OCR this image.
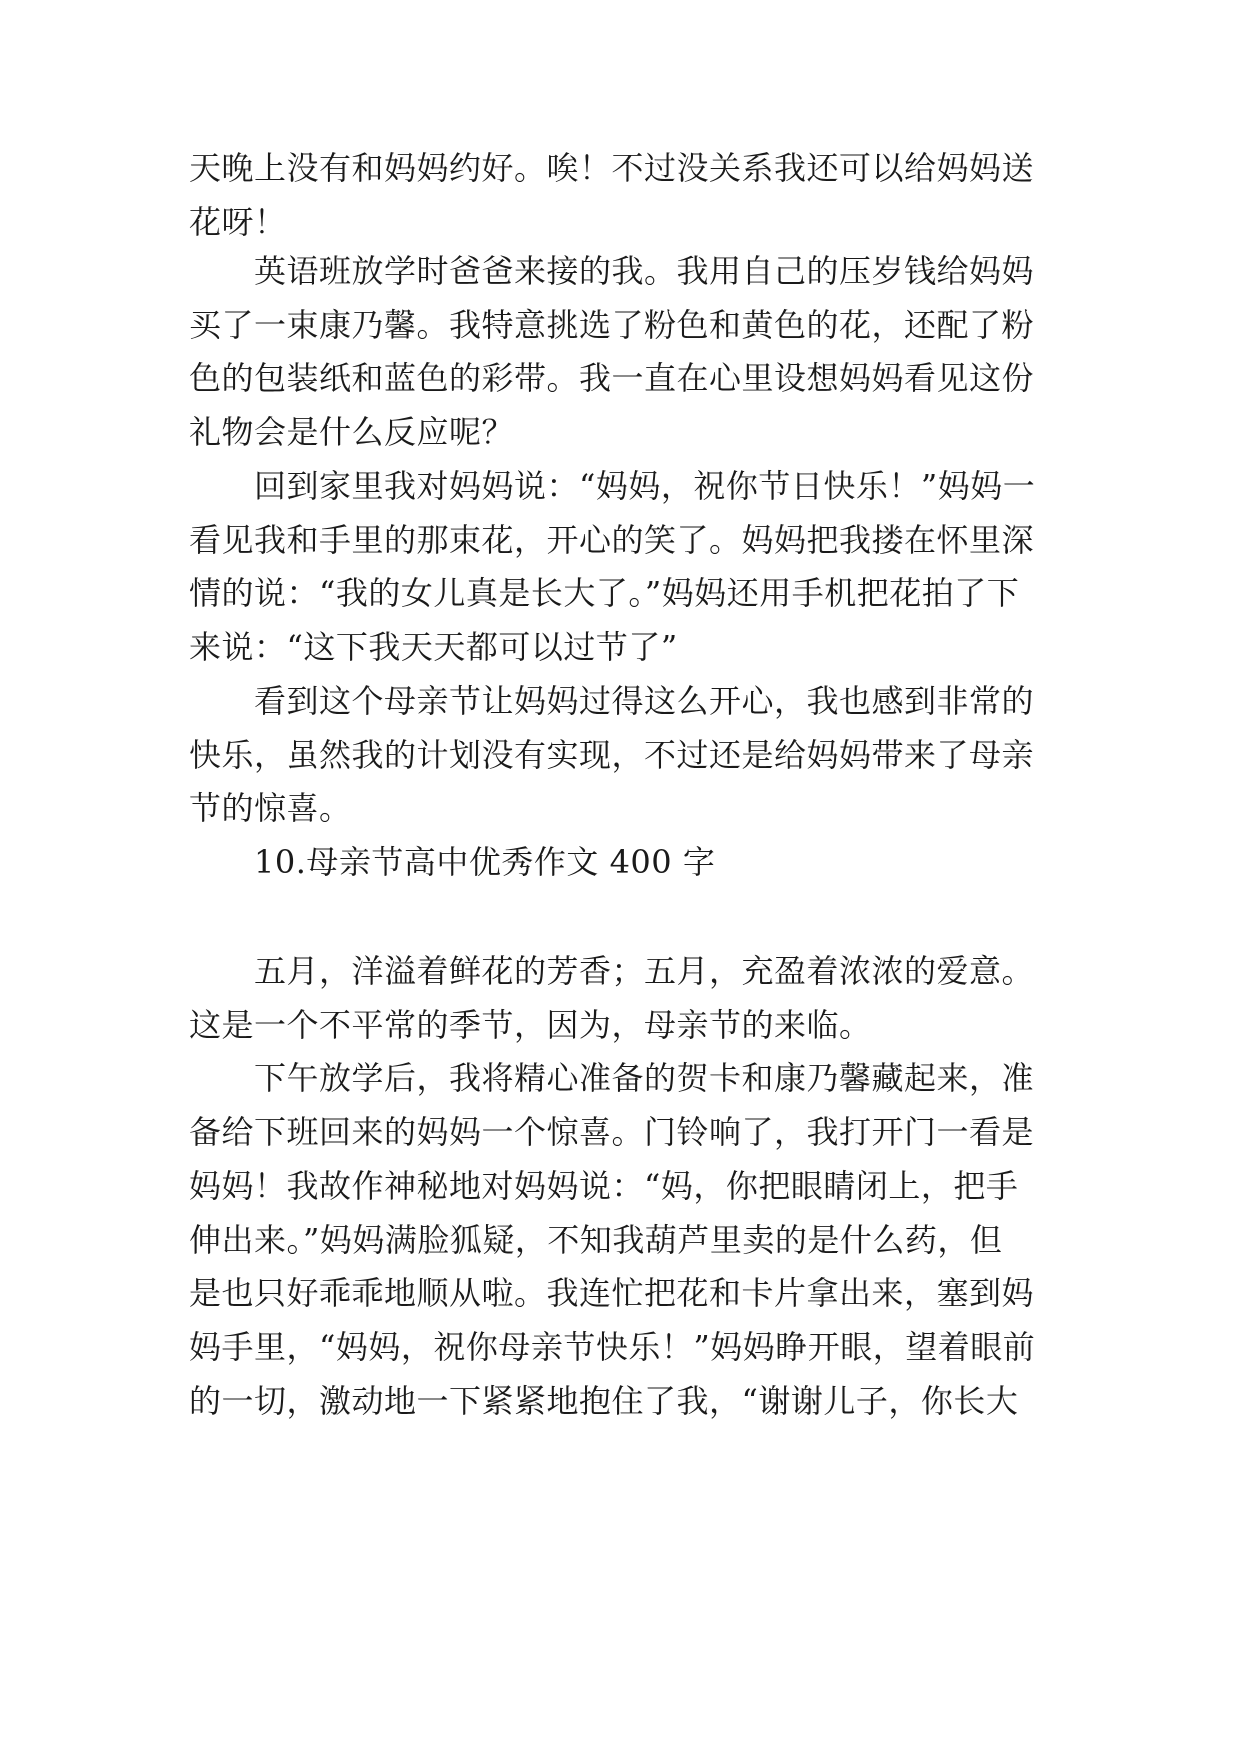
天晚上没有和妈妈约好。唉！不过没关系我还可以给妈妈送
花呀！
英语班放学时爸爸来接的我。我用自己的压岁钱给妈妈
买了一束康乃馨。我特意挑选了粉色和黄色的花，还配了粉
色的包装纸和蓝色的彩带。我一直在心里设想妈妈看见这份
礼物会是什么反应呢？
回到家里我对妈妈说：“妈妈，祝你节日快乐！”妈妈一
看见我和手里的那束花，开心的笑了。妈妈把我搂在怀里深
情的说：“我的女儿真是长大了。”妈妈还用手机把花拍了下
来说：“这下我天天都可以过节了”
看到这个母亲节让妈妈过得这么开心，我也感到非常的
快乐，虽然我的计划没有实现，不过还是给妈妈带来了母亲
节的惊喜。
10.母亲节高中优秀作文 400 字
五月，洋溢着鲜花的芳香；五月，充盈着浓浓的爱意。
这是一个不平常的季节，因为，母亲节的来临。
下午放学后，我将精心准备的贺卡和康乃馨藏起来，准
备给下班回来的妈妈一个惊喜。门铃响了，我打开门一看是
妈妈！我故作神秘地对妈妈说：“妈，你把眼睛闭上，把手
伸出来。”妈妈满脸狐疑，不知我葫芦里卖的是什么药，但
是也只好乖乖地顺从啦。我连忙把花和卡片拿出来，塞到妈
妈手里，“妈妈，祝你母亲节快乐！”妈妈睁开眼，望着眼前
的一切，激动地一下紧紧地抱住了我，“谢谢儿子，你长大
